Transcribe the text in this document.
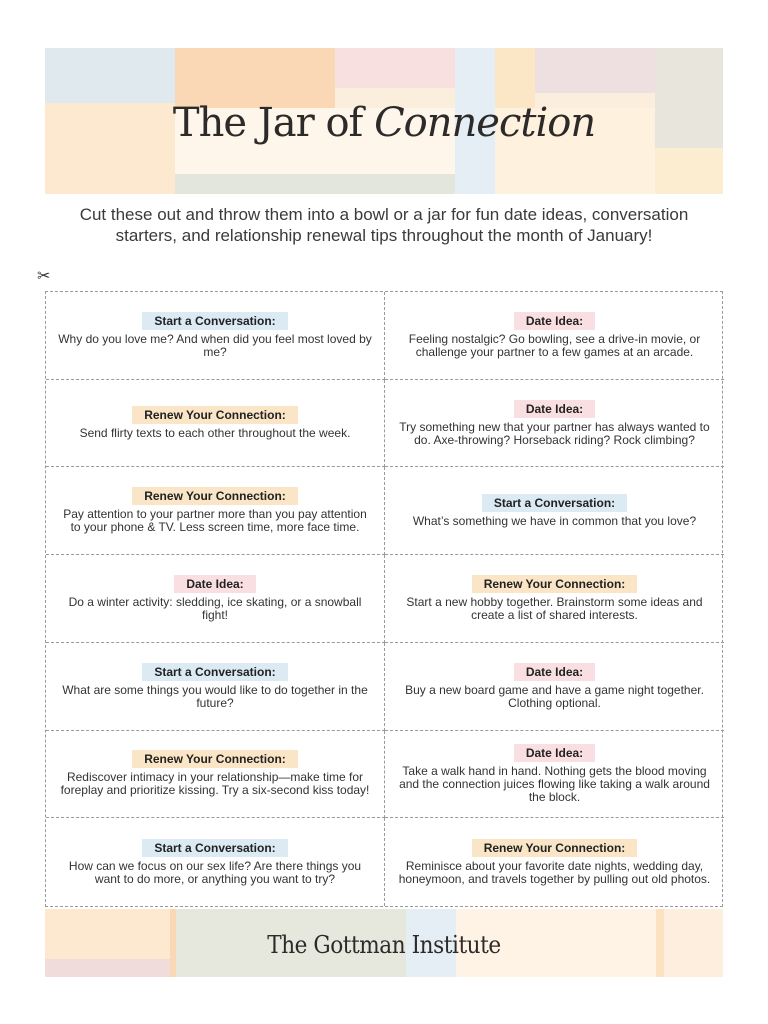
The Jar of Connection
Cut these out and throw them into a bowl or a jar for fun date ideas, conversation starters, and relationship renewal tips throughout the month of January!
✂
Start a Conversation:
Why do you love me? And when did you feel most loved by me?
Date Idea:
Feeling nostalgic? Go bowling, see a drive-in movie, or challenge your partner to a few games at an arcade.
Renew Your Connection:
Send flirty texts to each other throughout the week.
Date Idea:
Try something new that your partner has always wanted to do. Axe-throwing? Horseback riding? Rock climbing?
Renew Your Connection:
Pay attention to your partner more than you pay attention to your phone & TV. Less screen time, more face time.
Start a Conversation:
What’s something we have in common that you love?
Date Idea:
Do a winter activity: sledding, ice skating, or a snowball fight!
Renew Your Connection:
Start a new hobby together. Brainstorm some ideas and create a list of shared interests.
Start a Conversation:
What are some things you would like to do together in the future?
Date Idea:
Buy a new board game and have a game night together. Clothing optional.
Renew Your Connection:
Rediscover intimacy in your relationship—make time for foreplay and prioritize kissing. Try a six-second kiss today!
Date Idea:
Take a walk hand in hand. Nothing gets the blood moving and the connection juices flowing like taking a walk around the block.
Start a Conversation:
How can we focus on our sex life? Are there things you want to do more, or anything you want to try?
Renew Your Connection:
Reminisce about your favorite date nights, wedding day, honeymoon, and travels together by pulling out old photos.
The Gottman Institute
